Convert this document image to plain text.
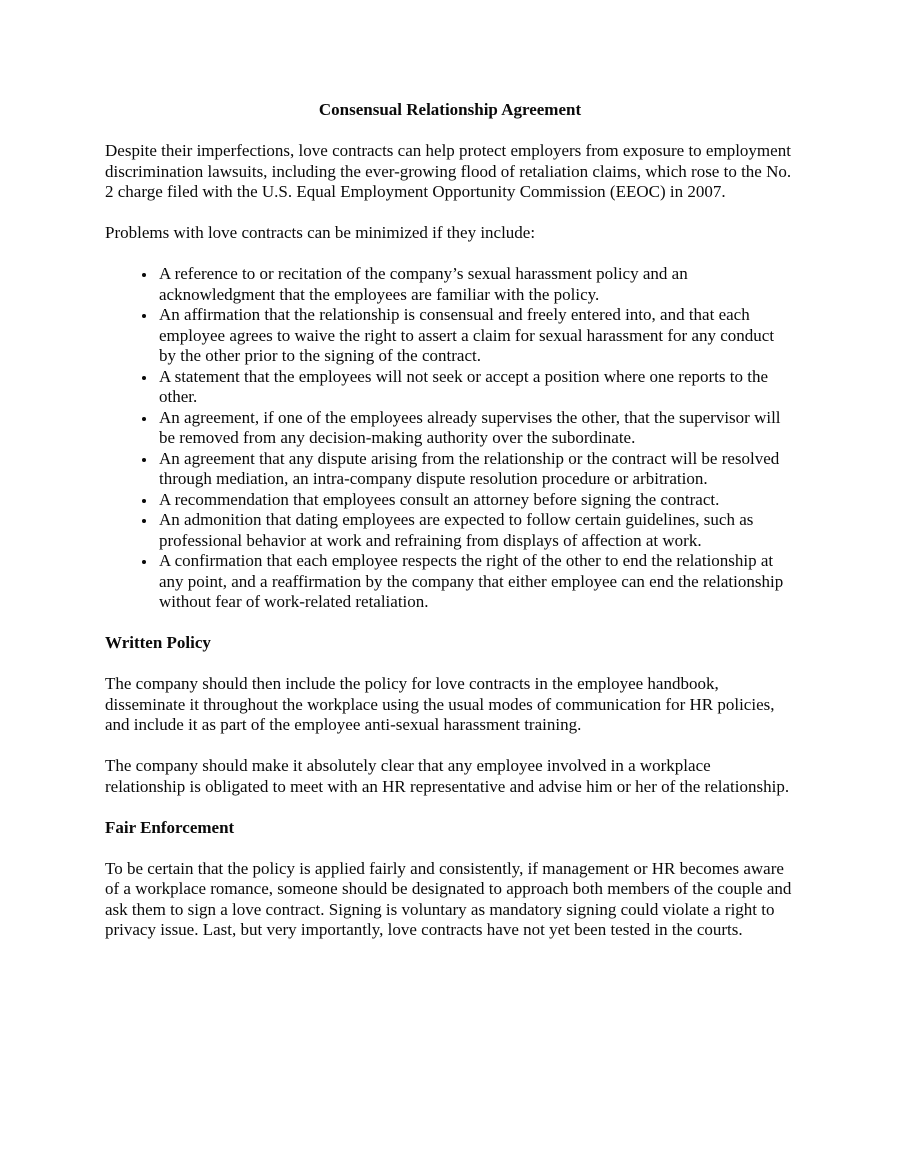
Consensual Relationship Agreement

Despite their imperfections, love contracts can help protect employers from exposure to employment discrimination lawsuits, including the ever-growing flood of retaliation claims, which rose to the No. 2 charge filed with the U.S. Equal Employment Opportunity Commission (EEOC) in 2007.

Problems with love contracts can be minimized if they include:

• A reference to or recitation of the company’s sexual harassment policy and an acknowledgment that the employees are familiar with the policy.
• An affirmation that the relationship is consensual and freely entered into, and that each employee agrees to waive the right to assert a claim for sexual harassment for any conduct by the other prior to the signing of the contract.
• A statement that the employees will not seek or accept a position where one reports to the other.
• An agreement, if one of the employees already supervises the other, that the supervisor will be removed from any decision-making authority over the subordinate.
• An agreement that any dispute arising from the relationship or the contract will be resolved through mediation, an intra-company dispute resolution procedure or arbitration.
• A recommendation that employees consult an attorney before signing the contract.
• An admonition that dating employees are expected to follow certain guidelines, such as professional behavior at work and refraining from displays of affection at work.
• A confirmation that each employee respects the right of the other to end the relationship at any point, and a reaffirmation by the company that either employee can end the relationship without fear of work-related retaliation.
Written Policy

The company should then include the policy for love contracts in the employee handbook, disseminate it throughout the workplace using the usual modes of communication for HR policies, and include it as part of the employee anti-sexual harassment training.

The company should make it absolutely clear that any employee involved in a workplace relationship is obligated to meet with an HR representative and advise him or her of the relationship.

Fair Enforcement

To be certain that the policy is applied fairly and consistently, if management or HR becomes aware of a workplace romance, someone should be designated to approach both members of the couple and ask them to sign a love contract. Signing is voluntary as mandatory signing could violate a right to privacy issue. Last, but very importantly, love contracts have not yet been tested in the courts.
